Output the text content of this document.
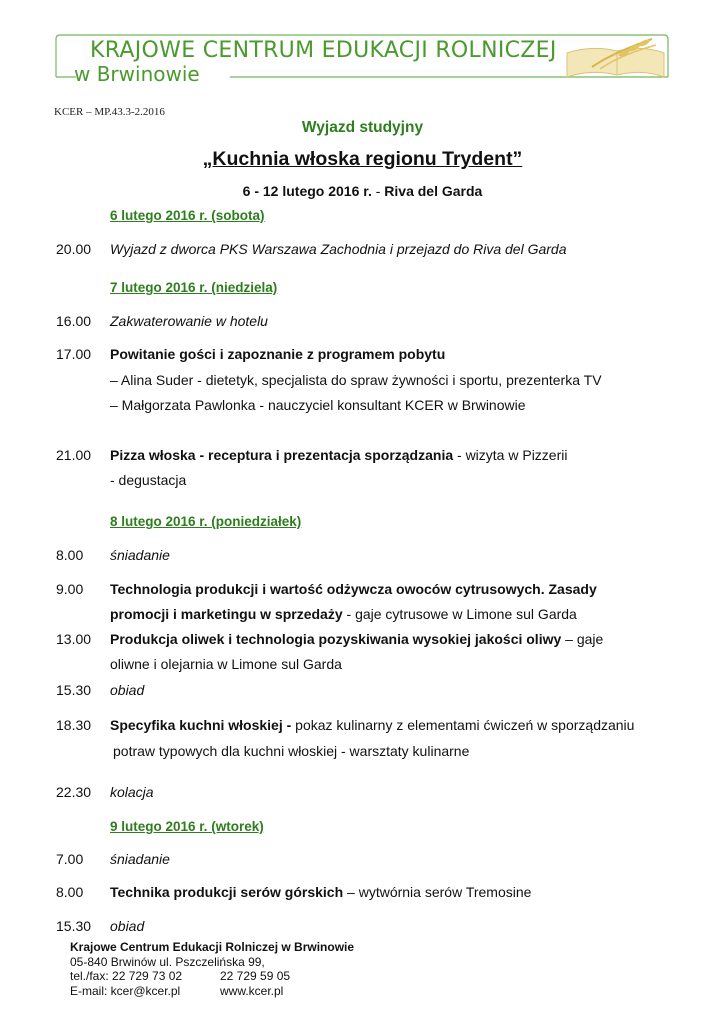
KRAJOWE CENTRUM EDUKACJI ROLNICZEJ
w Brwinowie
KCER – MP.43.3-2.2016
Wyjazd studyjny
„Kuchnia włoska regionu Trydent”
6 - 12 lutego 2016 r. - Riva del Garda
6 lutego 2016 r. (sobota)
20.00 Wyjazd z dworca PKS Warszawa Zachodnia i przejazd do Riva del Garda
7 lutego 2016 r. (niedziela)
16.00 Zakwaterowanie w hotelu
17.00 Powitanie gości i zapoznanie z programem pobytu
– Alina Suder - dietetyk, specjalista do spraw żywności i sportu, prezenterka TV
– Małgorzata Pawlonka - nauczyciel konsultant KCER w Brwinowie
21.00 Pizza włoska - receptura i prezentacja sporządzania - wizyta w Pizzerii
- degustacja
8 lutego 2016 r. (poniedziałek)
8.00 śniadanie
9.00 Technologia produkcji i wartość odżywcza owoców cytrusowych. Zasady
promocji i marketingu w sprzedaży - gaje cytrusowe w Limone sul Garda
13.00 Produkcja oliwek i technologia pozyskiwania wysokiej jakości oliwy – gaje
oliwne i olejarnia w Limone sul Garda
15.30 obiad
18.30 Specyfika kuchni włoskiej - pokaz kulinarny z elementami ćwiczeń w sporządzaniu
potraw typowych dla kuchni włoskiej - warsztaty kulinarne
22.30 kolacja
9 lutego 2016 r. (wtorek)
7.00 śniadanie
8.00 Technika produkcji serów górskich – wytwórnia serów Tremosine
15.30 obiad
Krajowe Centrum Edukacji Rolniczej w Brwinowie
05-840 Brwinów ul. Pszczelińska 99,
tel./fax: 22 729 73 02	22 729 59 05
E-mail: kcer@kcer.pl	www.kcer.pl
